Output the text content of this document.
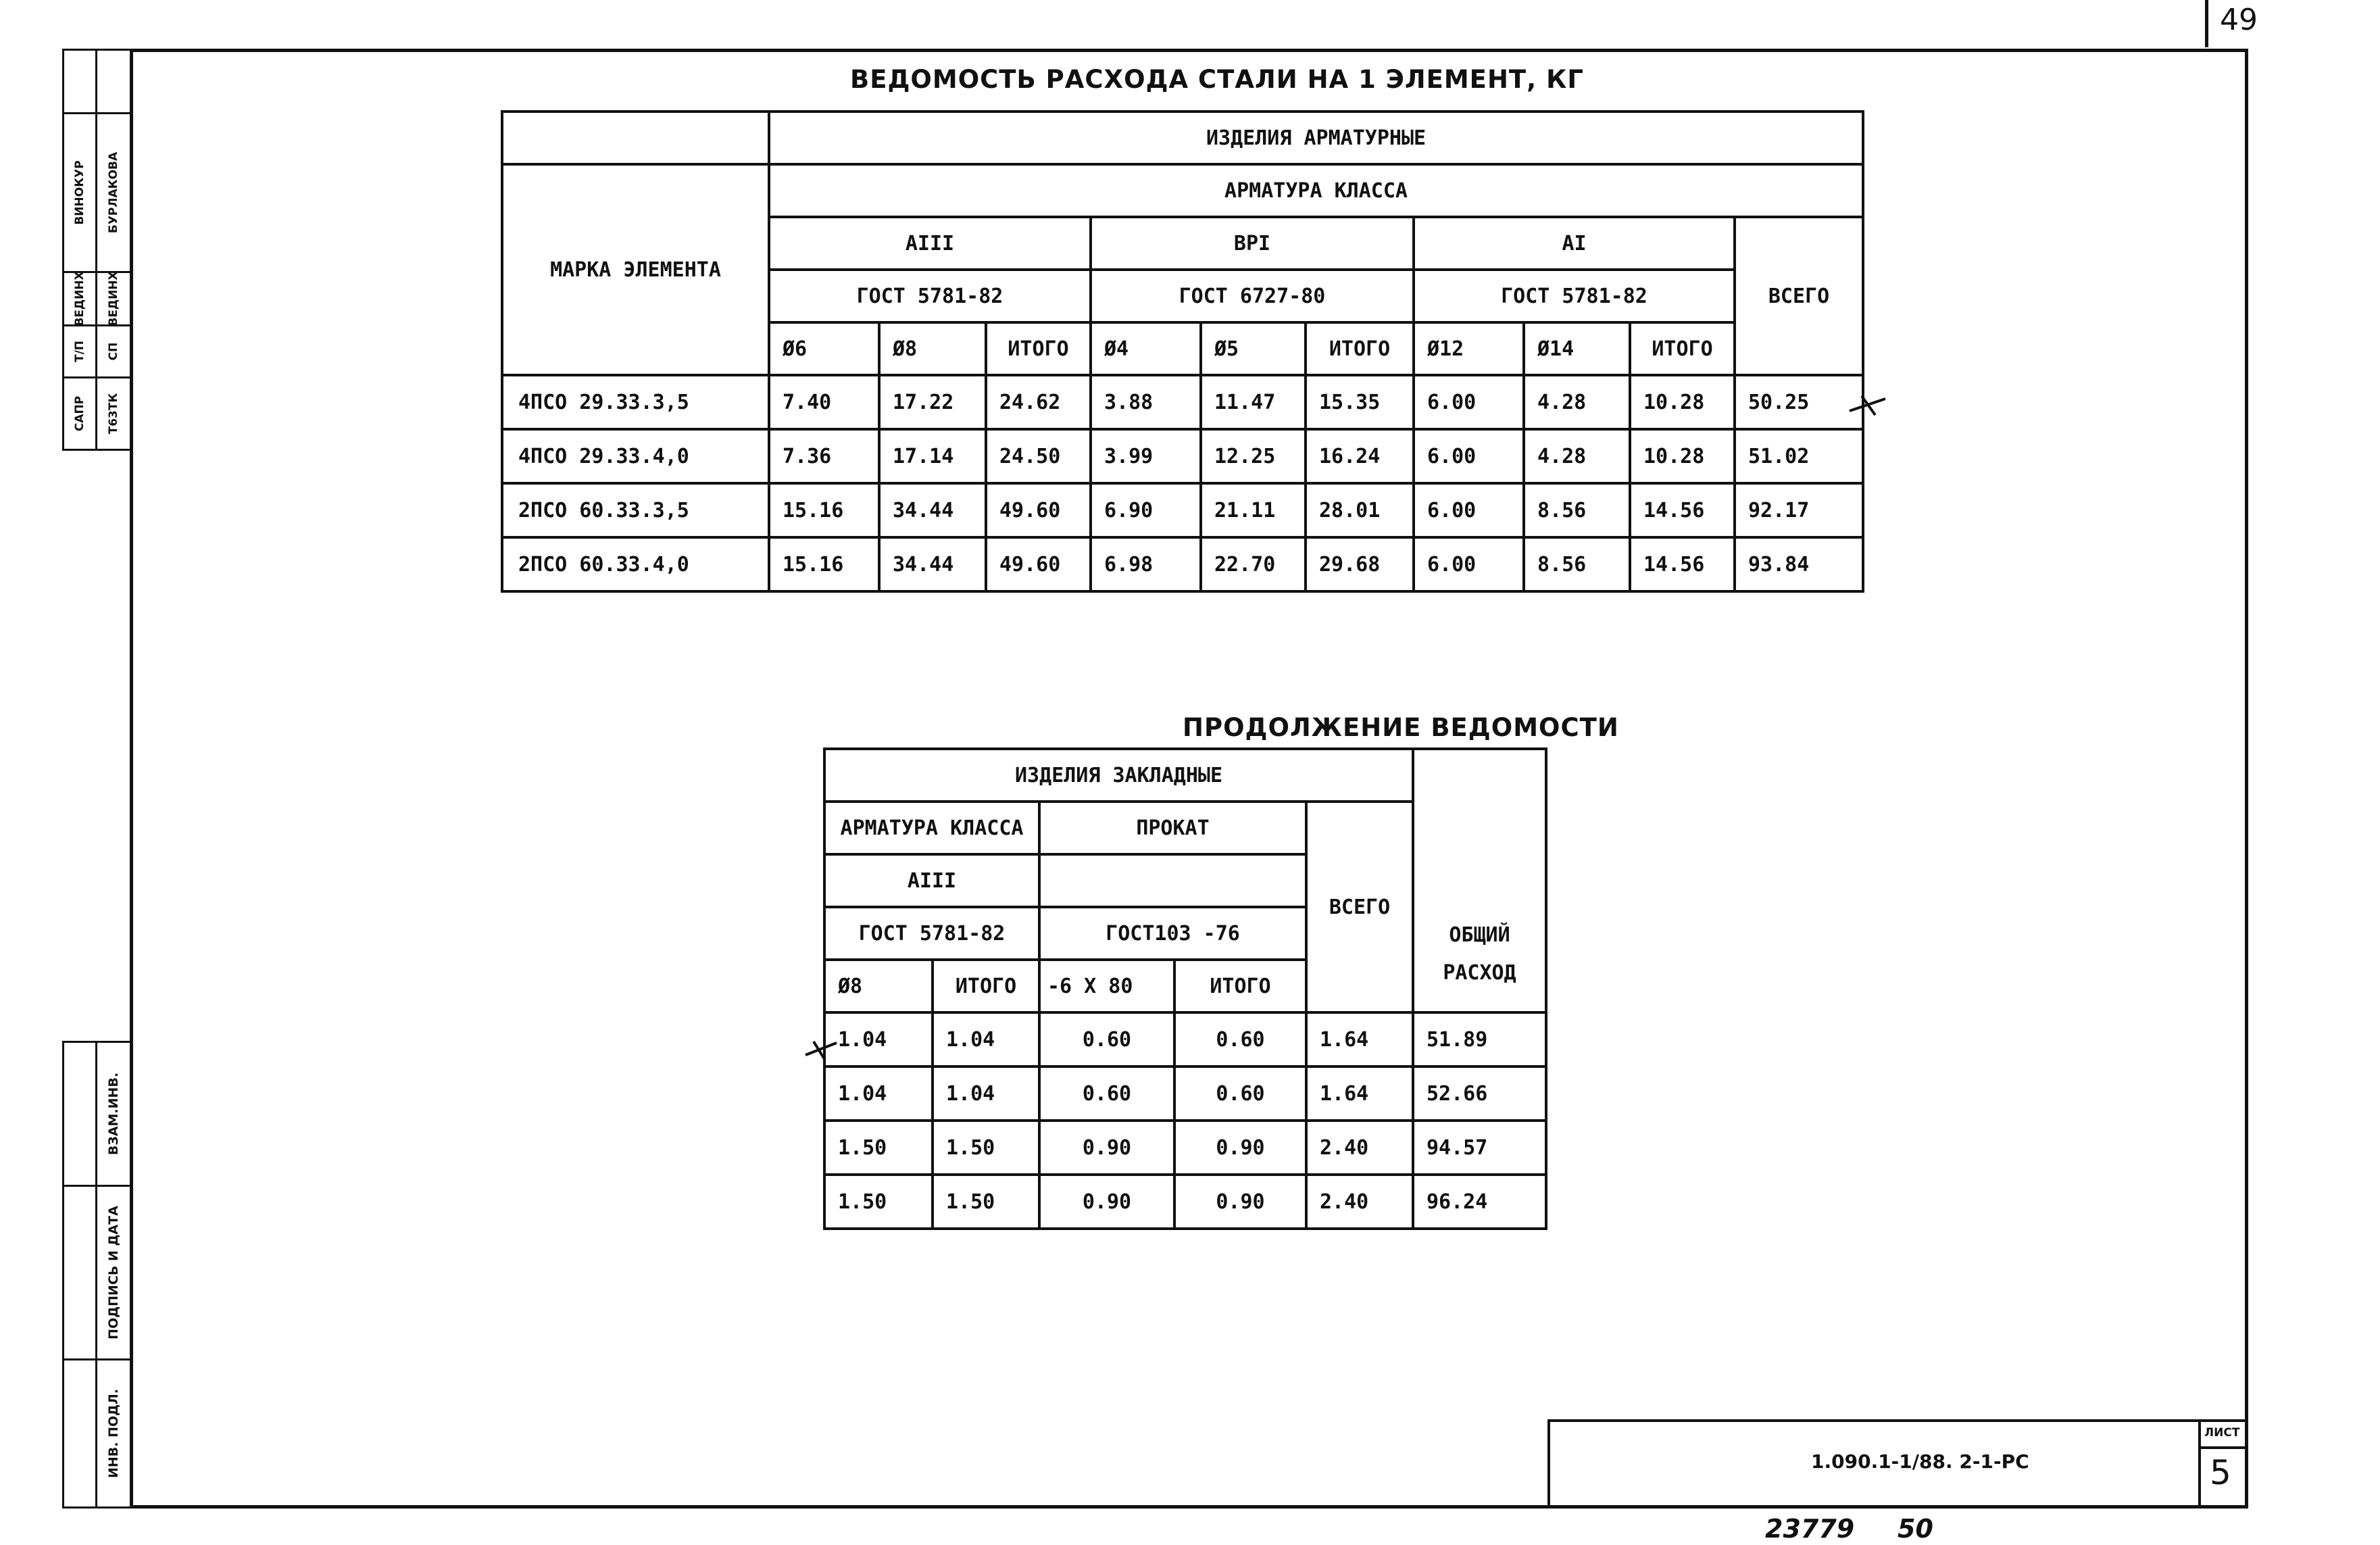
49
ВЕДОМОСТЬ РАСХОДА СТАЛИ НА 1 ЭЛЕМЕНТ, КГ
	ИЗДЕЛИЯ АРМАТУРНЫЕ									
МАРКА ЭЛЕМЕНТА	АРМАТУРА КЛАССА									
	AIII			ВРI			AI			ВСЕГО
	ГОСТ 5781-82			ГОСТ 6727-80			ГОСТ 5781-82			
	Ø6	Ø8	ИТОГО	Ø4	Ø5	ИТОГО	Ø12	Ø14	ИТОГО	
4ПСО 29.33.3,5	7.40	17.22	24.62	3.88	11.47	15.35	6.00	4.28	10.28	50.25
4ПСО 29.33.4,0	7.36	17.14	24.50	3.99	12.25	16.24	6.00	4.28	10.28	51.02
2ПСО 60.33.3,5	15.16	34.44	49.60	6.90	21.11	28.01	6.00	8.56	14.56	92.17
2ПСО 60.33.4,0	15.16	34.44	49.60	6.98	22.70	29.68	6.00	8.56	14.56	93.84
ПРОДОЛЖЕНИЕ ВЕДОМОСТИ
ИЗДЕЛИЯ ЗАКЛАДНЫЕ					ОБЩИЙ
РАСХОД

АРМАТУРА КЛАССА		ПРОКАТ		ВСЕГО	
AIII					
ГОСТ 5781-82		ГОСТ103 -76			
Ø8	ИТОГО	-6 X 80	ИТОГО		
1.04	1.04	0.60	0.60	1.64	51.89
1.04	1.04	0.60	0.60	1.64	52.66
1.50	1.50	0.90	0.90	2.40	94.57
1.50	1.50	0.90	0.90	2.40	96.24
ВИНОКУР БУРЛАКОВА
ВЕДИНХ ВЕДИНХ
Т/П СП
САПР Т63ТК
ВЗАМ.ИНВ.
ПОДПИСЬ И ДАТА
ИНВ. ПОДЛ.	1.090.1-1/88. 2-1-РС
ЛИСТ
5
23779 50
